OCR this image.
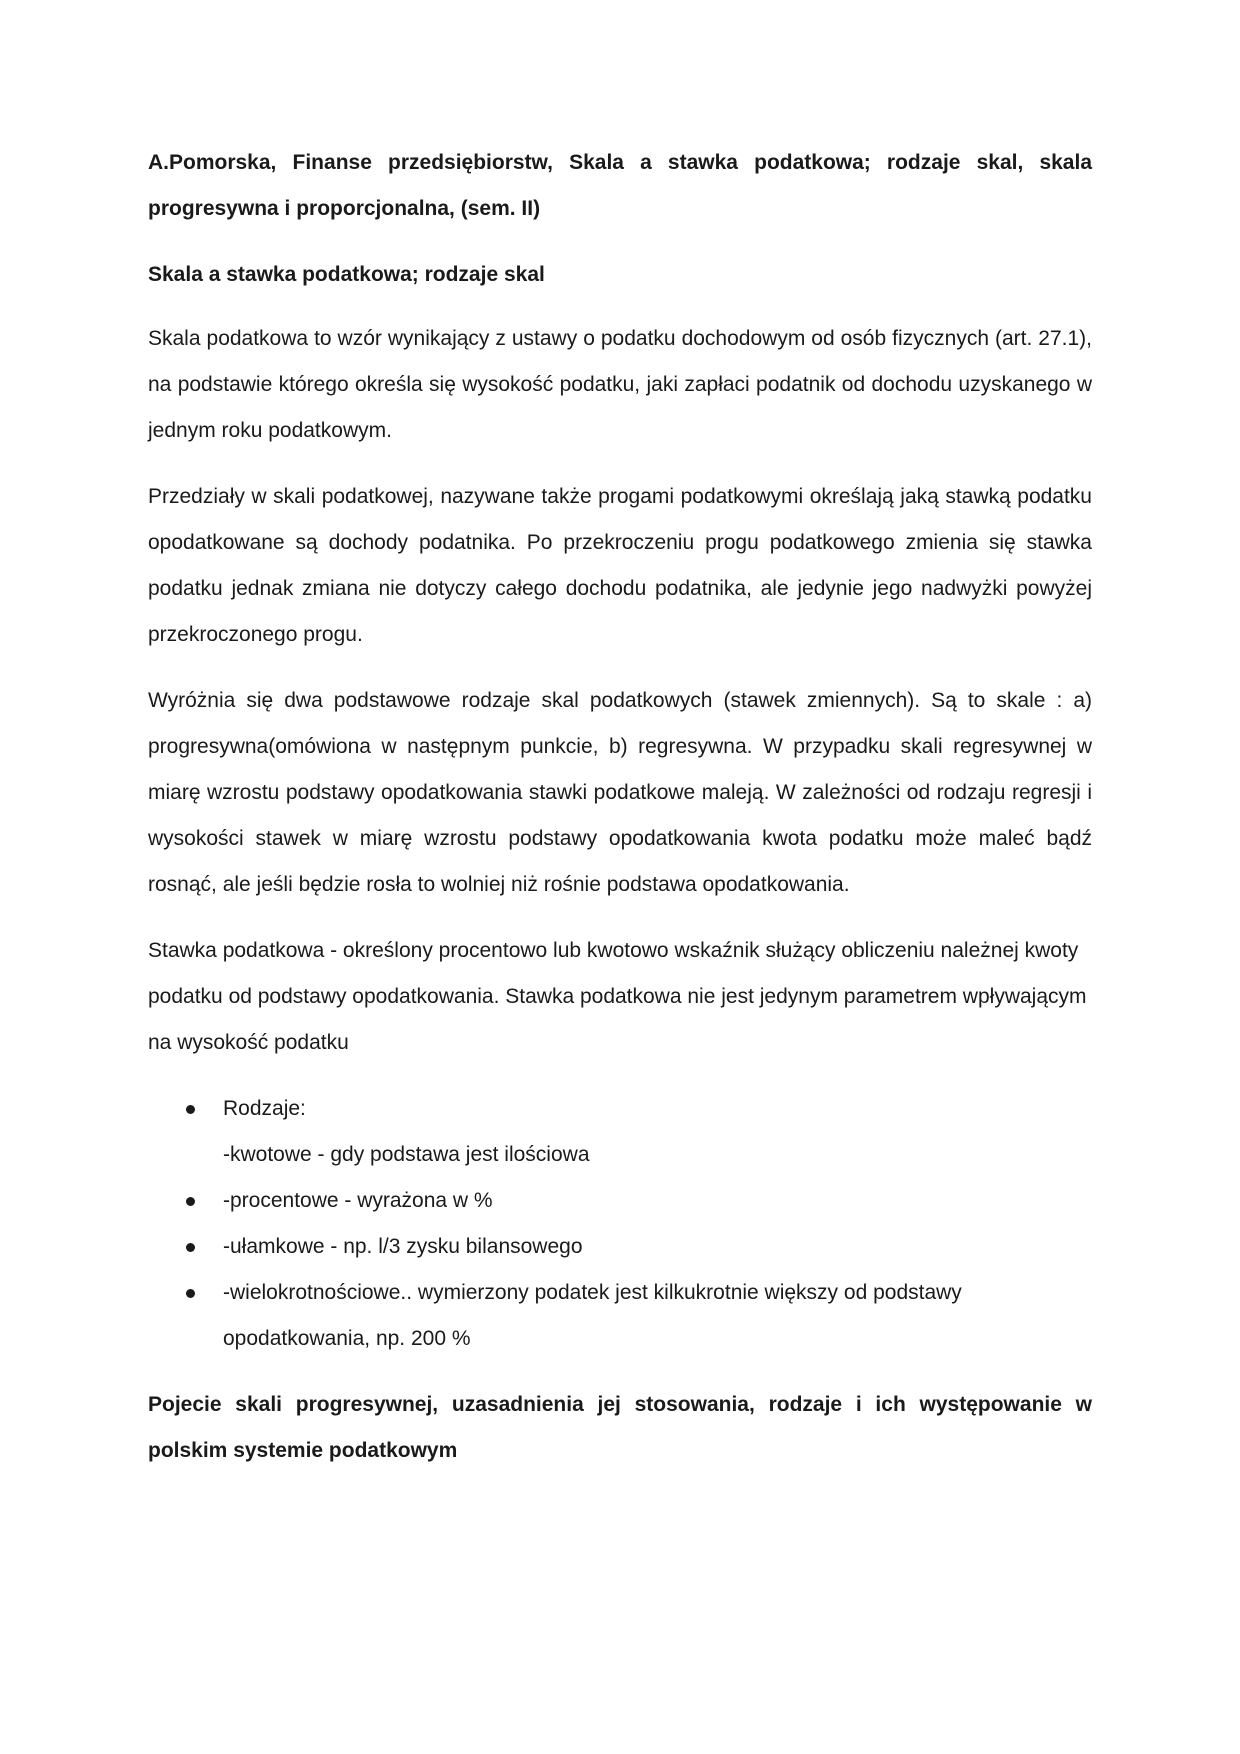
A.Pomorska, Finanse przedsiębiorstw, Skala a stawka podatkowa; rodzaje skal, skala progresywna i proporcjonalna, (sem. II)

Skala a stawka podatkowa; rodzaje skal

Skala podatkowa to wzór wynikający z ustawy o podatku dochodowym od osób fizycznych (art. 27.1), na podstawie którego określa się wysokość podatku, jaki zapłaci podatnik od dochodu uzyskanego w jednym roku podatkowym.

Przedziały w skali podatkowej, nazywane także progami podatkowymi określają jaką stawką podatku opodatkowane są dochody podatnika. Po przekroczeniu progu podatkowego zmienia się stawka podatku jednak zmiana nie dotyczy całego dochodu podatnika, ale jedynie jego nadwyżki powyżej przekroczonego progu.

Wyróżnia się dwa podstawowe rodzaje skal podatkowych (stawek zmiennych). Są to skale : a) progresywna(omówiona w następnym punkcie, b) regresywna. W przypadku skali regresywnej w miarę wzrostu podstawy opodatkowania stawki podatkowe maleją. W zależności od rodzaju regresji i wysokości stawek w miarę wzrostu podstawy opodatkowania kwota podatku może maleć bądź rosnąć, ale jeśli będzie rosła to wolniej niż rośnie podstawa opodatkowania.

Stawka podatkowa - określony procentowo lub kwotowo wskaźnik służący obliczeniu należnej kwoty podatku od podstawy opodatkowania. Stawka podatkowa nie jest jedynym parametrem wpływającym na wysokość podatku

Rodzaje:
-kwotowe - gdy podstawa jest ilościowa
-procentowe - wyrażona w %
-ułamkowe - np. l/3 zysku bilansowego
-wielokrotnościowe.. wymierzony podatek jest kilkukrotnie większy od podstawy
opodatkowania, np. 200 %

Pojecie skali progresywnej, uzasadnienia jej stosowania, rodzaje i ich występowanie w polskim systemie podatkowym
